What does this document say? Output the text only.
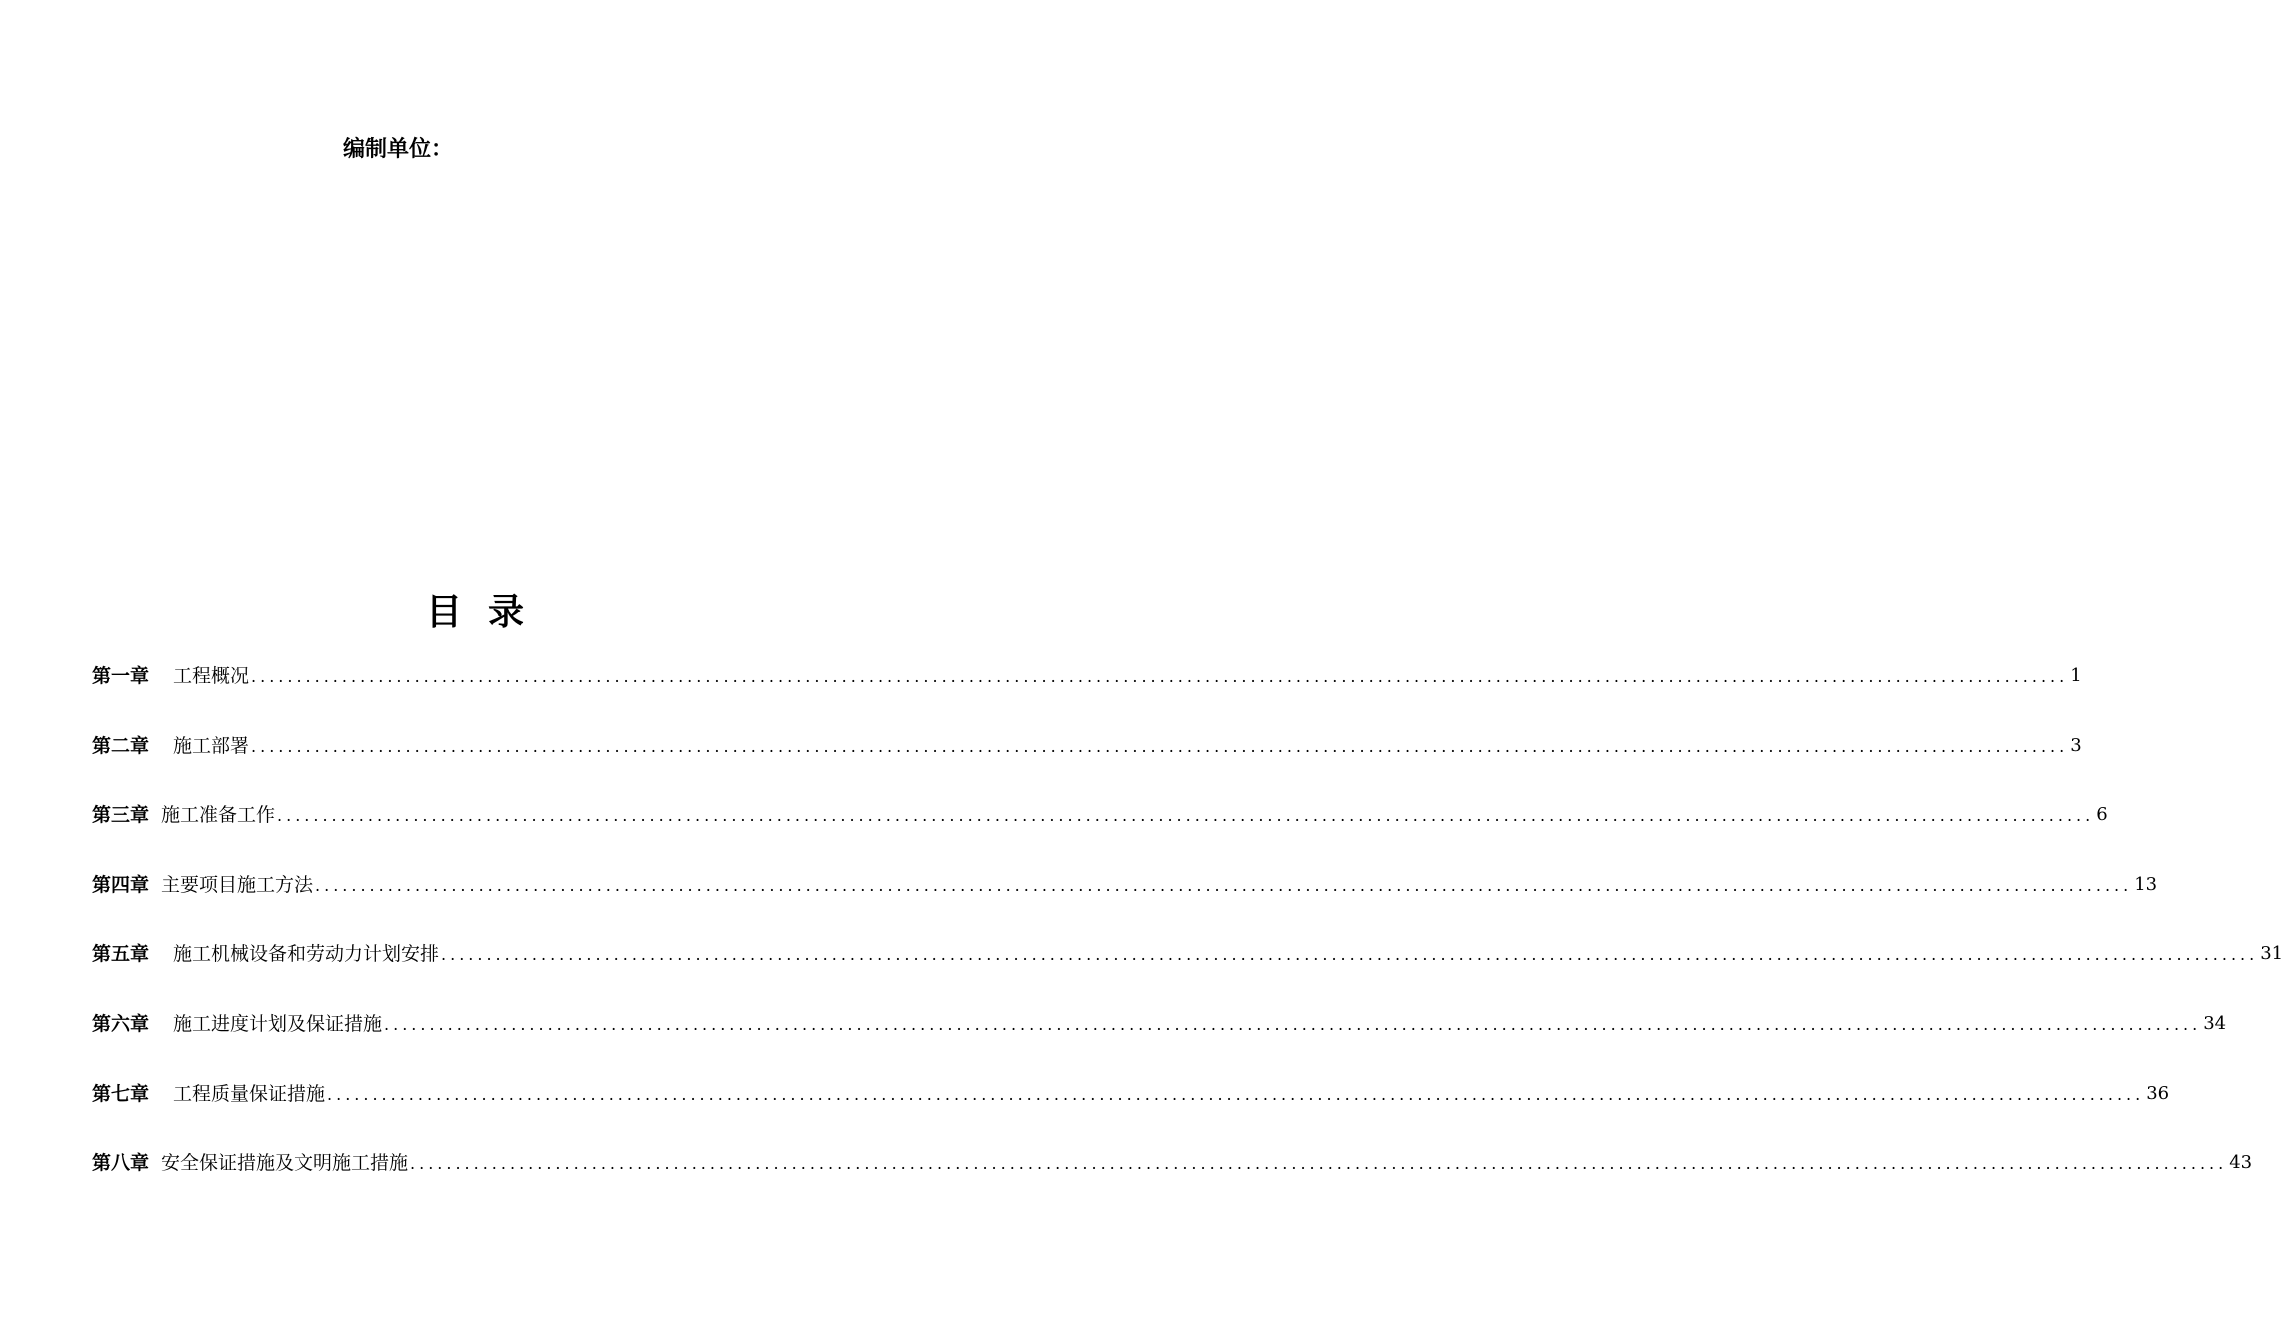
编制单位：
目录
第一章 工程概况 ........................................................................................................................................................................................................ 1
第二章 施工部署 ........................................................................................................................................................................................................ 3
第三章 施工准备工作 ........................................................................................................................................................................................................ 6
第四章 主要项目施工方法 ........................................................................................................................................................................................................ 13
第五章 施工机械设备和劳动力计划安排 ........................................................................................................................................................................................................ 31
第六章 施工进度计划及保证措施 ........................................................................................................................................................................................................ 34
第七章 工程质量保证措施 ........................................................................................................................................................................................................ 36
第八章 安全保证措施及文明施工措施 ........................................................................................................................................................................................................ 43
